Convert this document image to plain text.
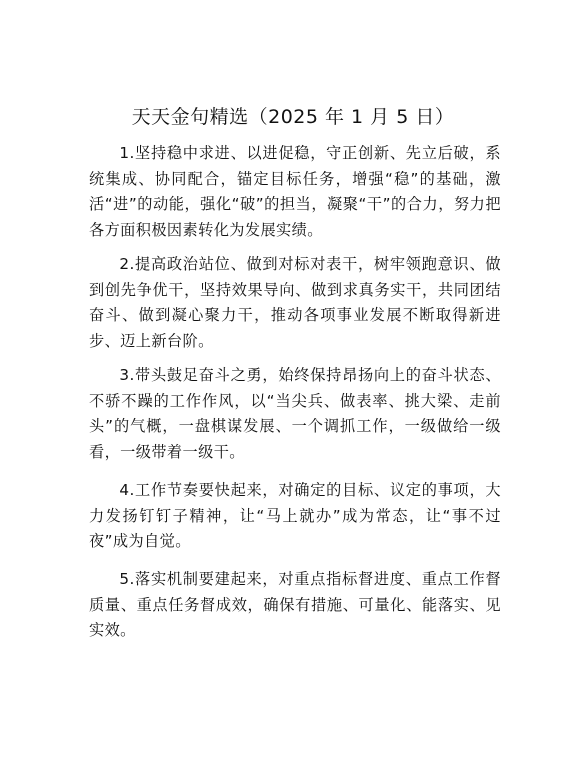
天天金句精选（2025 年 1 月 5 日）

1.坚持稳中求进、以进促稳，守正创新、先立后破，系统集成、协同配合，锚定目标任务，增强“稳”的基础，激活“进”的动能，强化“破”的担当，凝聚“干”的合力，努力把各方面积极因素转化为发展实绩。

2.提高政治站位、做到对标对表干，树牢领跑意识、做到创先争优干，坚持效果导向、做到求真务实干，共同团结奋斗、做到凝心聚力干，推动各项事业发展不断取得新进步、迈上新台阶。

3.带头鼓足奋斗之勇，始终保持昂扬向上的奋斗状态、不骄不躁的工作作风，以“当尖兵、做表率、挑大梁、走前头”的气概，一盘棋谋发展、一个调抓工作，一级做给一级看，一级带着一级干。

4.工作节奏要快起来，对确定的目标、议定的事项，大力发扬钉钉子精神，让“马上就办”成为常态，让“事不过夜”成为自觉。

5.落实机制要建起来，对重点指标督进度、重点工作督质量、重点任务督成效，确保有措施、可量化、能落实、见实效。
